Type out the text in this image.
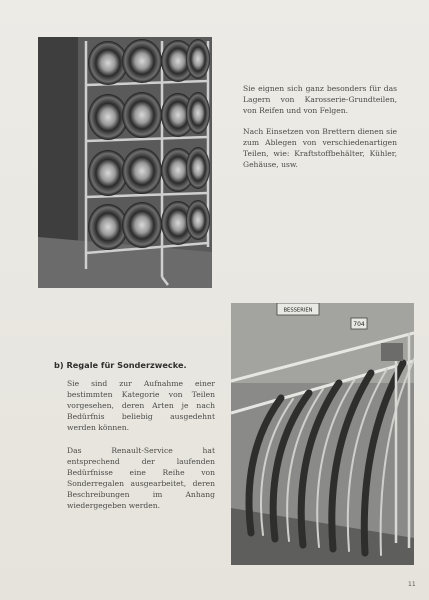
Sie eignen sich ganz besonders für das Lagern von Karosserie-Grundteilen, von Reifen und von Felgen.

Nach Einsetzen von Brettern dienen sie zum Ablegen von verschiedenartigen Teilen, wie: Kraftstoffbehälter, Kühler, Gehäuse, usw.

BESSERIEN
704
b) Regale für Sonderzwecke.

Sie sind zur Aufnahme einer bestimmten Kategorie von Teilen vorgesehen, deren Arten je nach Bedürfnis beliebig ausgedehnt werden können.

Das Renault-Service hat entsprechend der laufenden Bedürfnisse eine Reihe von Sonderregalen ausgearbeitet, deren Beschreibungen im Anhang wiedergegeben werden.

11
